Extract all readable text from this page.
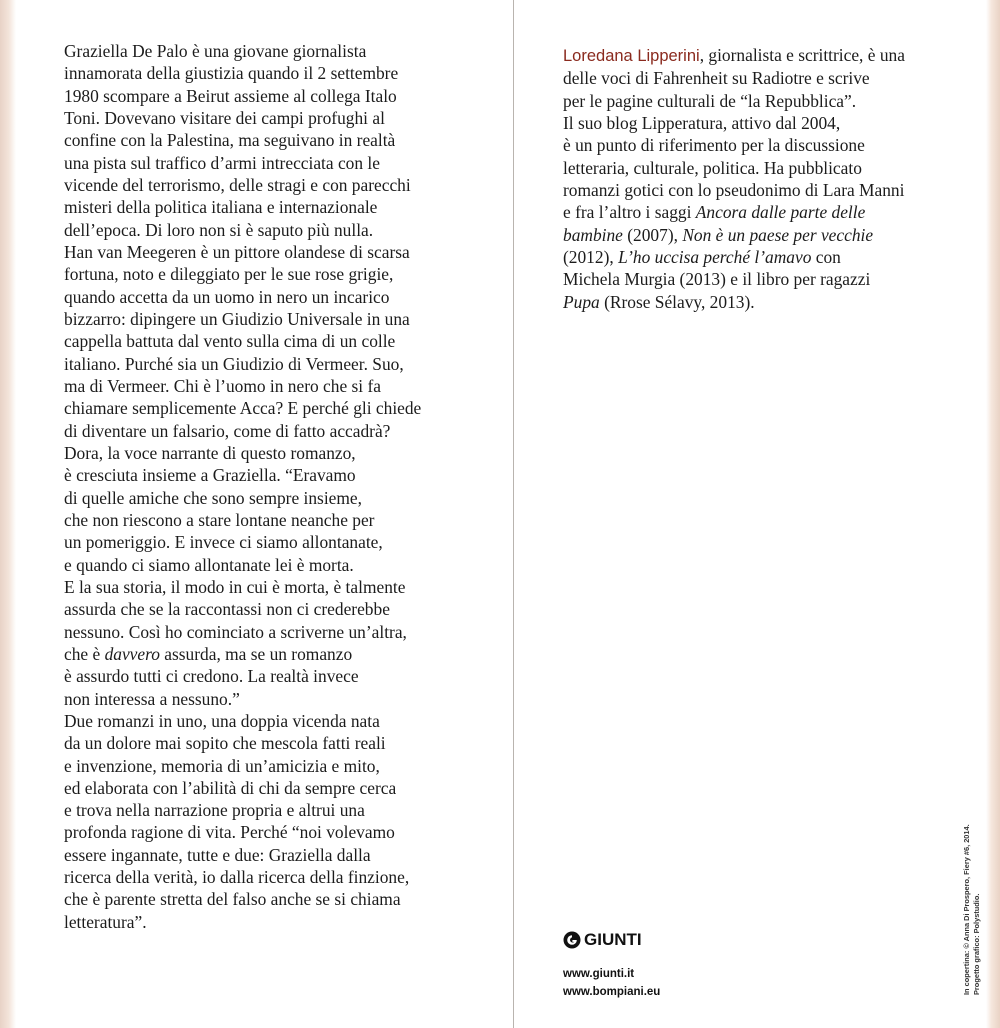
Graziella De Palo è una giovane giornalista
innamorata della giustizia quando il 2 settembre
1980 scompare a Beirut assieme al collega Italo
Toni. Dovevano visitare dei campi profughi al
confine con la Palestina, ma seguivano in realtà
una pista sul traffico d’armi intrecciata con le
vicende del terrorismo, delle stragi e con parecchi
misteri della politica italiana e internazionale
dell’epoca. Di loro non si è saputo più nulla.
Han van Meegeren è un pittore olandese di scarsa
fortuna, noto e dileggiato per le sue rose grigie,
quando accetta da un uomo in nero un incarico
bizzarro: dipingere un Giudizio Universale in una
cappella battuta dal vento sulla cima di un colle
italiano. Purché sia un Giudizio di Vermeer. Suo,
ma di Vermeer. Chi è l’uomo in nero che si fa
chiamare semplicemente Acca? E perché gli chiede
di diventare un falsario, come di fatto accadrà?
Dora, la voce narrante di questo romanzo,
è cresciuta insieme a Graziella. “Eravamo
di quelle amiche che sono sempre insieme,
che non riescono a stare lontane neanche per
un pomeriggio. E invece ci siamo allontanate,
e quando ci siamo allontanate lei è morta.
E la sua storia, il modo in cui è morta, è talmente
assurda che se la raccontassi non ci crederebbe
nessuno. Così ho cominciato a scriverne un’altra,
che è davvero assurda, ma se un romanzo
è assurdo tutti ci credono. La realtà invece
non interessa a nessuno.”
Due romanzi in uno, una doppia vicenda nata
da un dolore mai sopito che mescola fatti reali
e invenzione, memoria di un’amicizia e mito,
ed elaborata con l’abilità di chi da sempre cerca
e trova nella narrazione propria e altrui una
profonda ragione di vita. Perché “noi volevamo
essere ingannate, tutte e due: Graziella dalla
ricerca della verità, io dalla ricerca della finzione,
che è parente stretta del falso anche se si chiama
letteratura”.
Loredana Lipperini, giornalista e scrittrice, è una
delle voci di Fahrenheit su Radiotre e scrive
per le pagine culturali de “la Repubblica”.
Il suo blog Lipperatura, attivo dal 2004,
è un punto di riferimento per la discussione
letteraria, culturale, politica. Ha pubblicato
romanzi gotici con lo pseudonimo di Lara Manni
e fra l’altro i saggi Ancora dalle parte delle
bambine (2007), Non è un paese per vecchie
(2012), L’ho uccisa perché l’amavo con
Michela Murgia (2013) e il libro per ragazzi
Pupa (Rrose Sélavy, 2013).
GIUNTI
www.giunti.it
www.bompiani.eu	In copertina: © Anna Di Prospero, Fiery #6, 2014. Progetto grafico: Polystudio.
